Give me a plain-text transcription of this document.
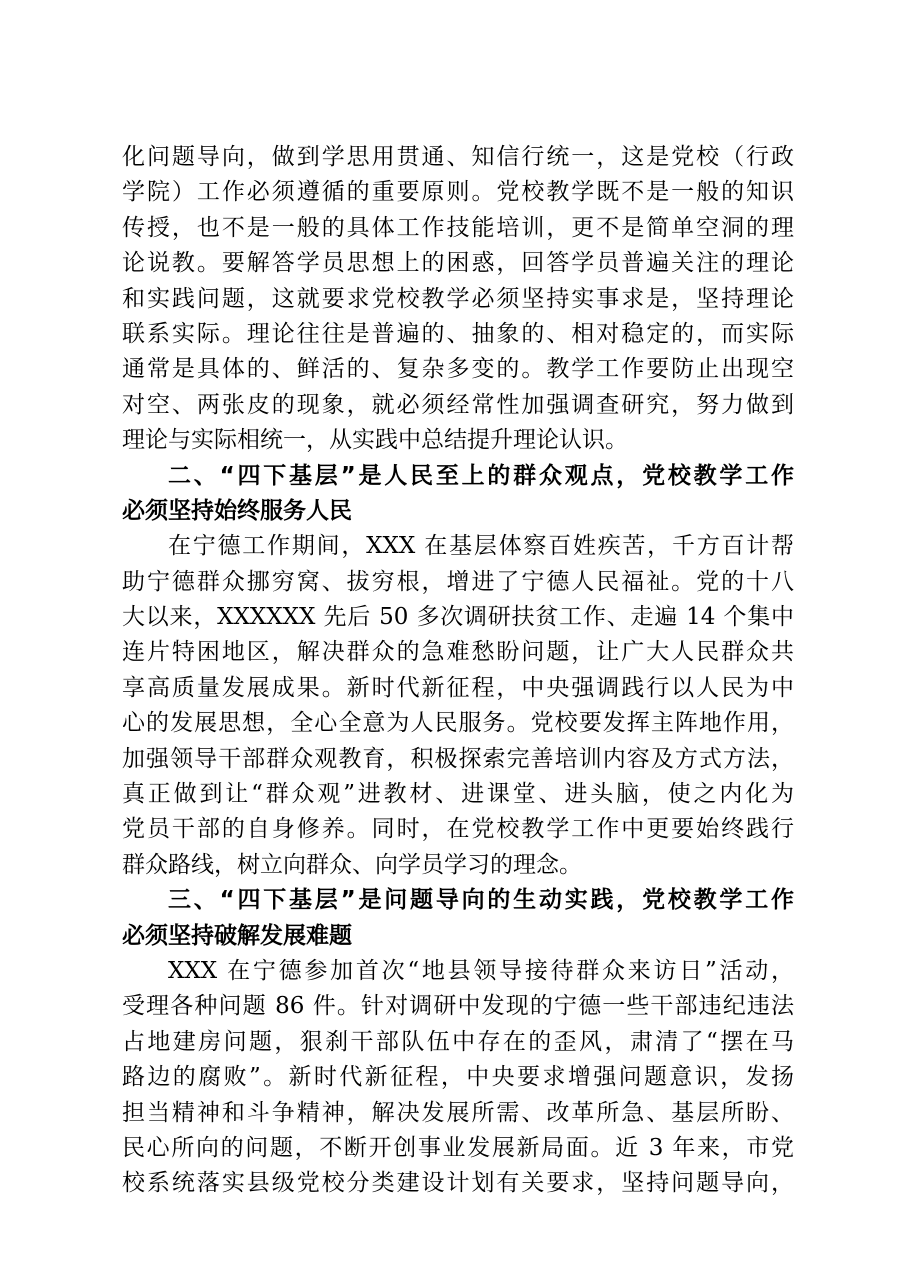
化问题导向，做到学思用贯通、知信行统一，这是党校（行政
学院）工作必须遵循的重要原则。党校教学既不是一般的知识
传授，也不是一般的具体工作技能培训，更不是简单空洞的理
论说教。要解答学员思想上的困惑，回答学员普遍关注的理论
和实践问题，这就要求党校教学必须坚持实事求是，坚持理论
联系实际。理论往往是普遍的、抽象的、相对稳定的，而实际
通常是具体的、鲜活的、复杂多变的。教学工作要防止出现空
对空、两张皮的现象，就必须经常性加强调查研究，努力做到
理论与实际相统一，从实践中总结提升理论认识。
二、“四下基层”是人民至上的群众观点，党校教学工作
必须坚持始终服务人民
在宁德工作期间，XXX 在基层体察百姓疾苦，千方百计帮
助宁德群众挪穷窝、拔穷根，增进了宁德人民福祉。党的十八
大以来，XXXXXX 先后 50 多次调研扶贫工作、走遍 14 个集中
连片特困地区，解决群众的急难愁盼问题，让广大人民群众共
享高质量发展成果。新时代新征程，中央强调践行以人民为中
心的发展思想，全心全意为人民服务。党校要发挥主阵地作用，
加强领导干部群众观教育，积极探索完善培训内容及方式方法，
真正做到让“群众观”进教材、进课堂、进头脑，使之内化为
党员干部的自身修养。同时，在党校教学工作中更要始终践行
群众路线，树立向群众、向学员学习的理念。
三、“四下基层”是问题导向的生动实践，党校教学工作
必须坚持破解发展难题
XXX 在宁德参加首次“地县领导接待群众来访日”活动，
受理各种问题 86 件。针对调研中发现的宁德一些干部违纪违法
占地建房问题，狠刹干部队伍中存在的歪风，肃清了“摆在马
路边的腐败”。新时代新征程，中央要求增强问题意识，发扬
担当精神和斗争精神，解决发展所需、改革所急、基层所盼、
民心所向的问题，不断开创事业发展新局面。近 3 年来，市党
校系统落实县级党校分类建设计划有关要求，坚持问题导向，
